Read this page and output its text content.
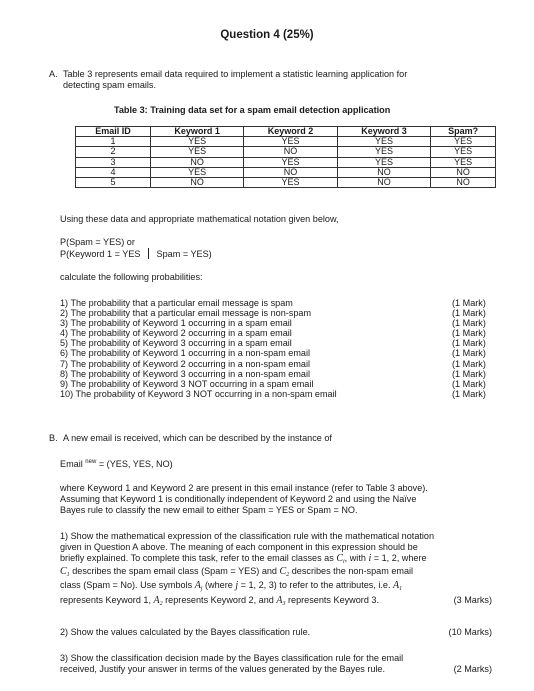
Question 4 (25%)
A. Table 3 represents email data required to implement a statistic learning application for
detecting spam emails.
Table 3: Training data set for a spam email detection application
Email ID	Keyword 1	Keyword 2	Keyword 3	Spam?
1	YES	YES	YES	YES
2	YES	NO	YES	YES
3	NO	YES	YES	YES
4	YES	NO	NO	NO
5	NO	YES	NO	NO
Using these data and appropriate mathematical notation given below,
P(Spam = YES) or
P(Keyword 1 = YES Spam = YES)
calculate the following probabilities:
1) The probability that a particular email message is spam	(1 Mark)
2) The probability that a particular email message is non-spam	(1 Mark)
3) The probability of Keyword 1 occurring in a spam email	(1 Mark)
4) The probability of Keyword 2 occurring in a spam email	(1 Mark)
5) The probability of Keyword 3 occurring in a spam email	(1 Mark)
6) The probability of Keyword 1 occurring in a non-spam email	(1 Mark)
7) The probability of Keyword 2 occurring in a non-spam email	(1 Mark)
8) The probability of Keyword 3 occurring in a non-spam email	(1 Mark)
9) The probability of Keyword 3 NOT occurring in a spam email	(1 Mark)
10) The probability of Keyword 3 NOT occurring in a non-spam email	(1 Mark)
B. A new email is received, which can be described by the instance of
Email $^{new}$ = (YES, YES, NO)
where Keyword 1 and Keyword 2 are present in this email instance (refer to Table 3 above).
Assuming that Keyword 1 is conditionally independent of Keyword 2 and using the Naïve
Bayes rule to classify the new email to either Spam = YES or Spam = NO.
1) Show the mathematical expression of the classification rule with the mathematical notation
given in Question A above. The meaning of each component in this expression should be
briefly explained. To complete this task, refer to the email classes as $C_i$, with i = 1, 2, where
$C_1$ describes the spam email class (Spam = YES) and $C_2$ describes the non-spam email
class (Spam = No). Use symbols $A_j$ (where j = 1, 2, 3) to refer to the attributes, i.e. $A_1$
represents Keyword 1, $A_2$ represents Keyword 2, and $A_3$ represents Keyword 3.	(3 Marks)
2) Show the values calculated by the Bayes classification rule.	(10 Marks)
3) Show the classification decision made by the Bayes classification rule for the email
received, Justify your answer in terms of the values generated by the Bayes rule.	(2 Marks)
